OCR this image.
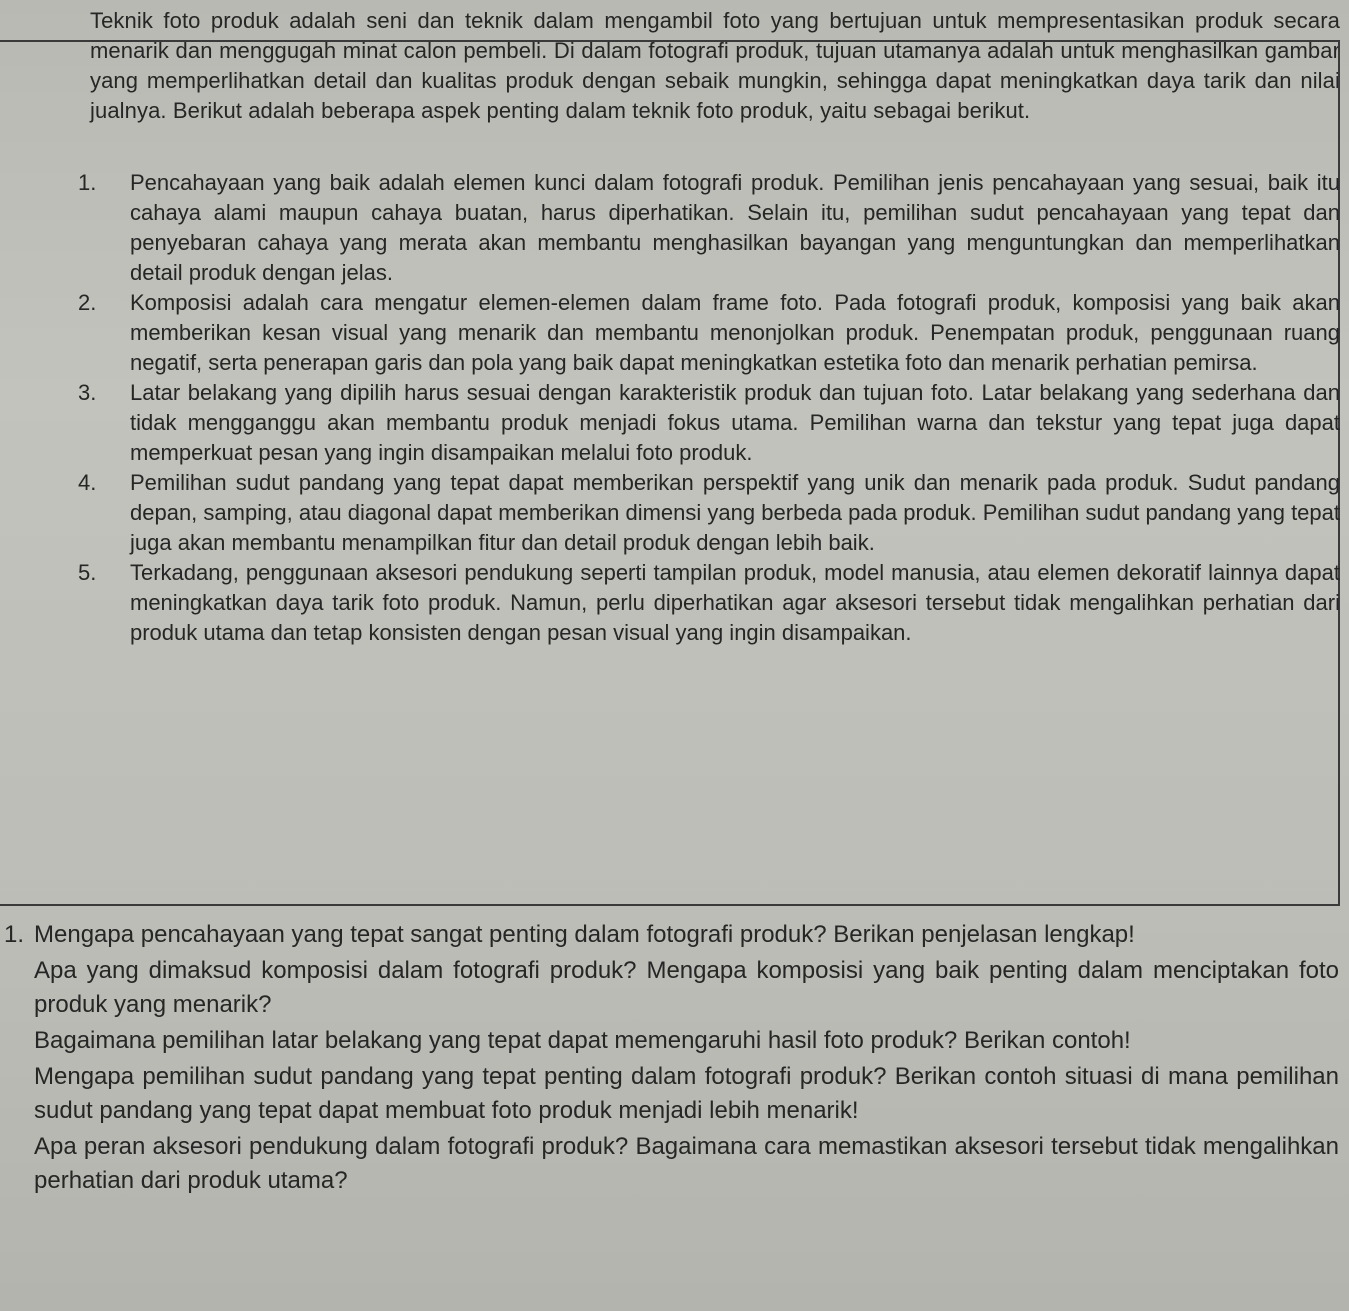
Teknik foto produk adalah seni dan teknik dalam mengambil foto yang bertujuan untuk mempresentasikan produk secara menarik dan menggugah minat calon pembeli. Di dalam fotografi produk, tujuan utamanya adalah untuk menghasilkan gambar yang memperlihatkan detail dan kualitas produk dengan sebaik mungkin, sehingga dapat meningkatkan daya tarik dan nilai jualnya. Berikut adalah beberapa aspek penting dalam teknik foto produk, yaitu sebagai berikut.

1. Pencahayaan yang baik adalah elemen kunci dalam fotografi produk. Pemilihan jenis pencahayaan yang sesuai, baik itu cahaya alami maupun cahaya buatan, harus diperhatikan. Selain itu, pemilihan sudut pencahayaan yang tepat dan penyebaran cahaya yang merata akan membantu menghasilkan bayangan yang menguntungkan dan memperlihatkan detail produk dengan jelas.
2. Komposisi adalah cara mengatur elemen-elemen dalam frame foto. Pada fotografi produk, komposisi yang baik akan memberikan kesan visual yang menarik dan membantu menonjolkan produk. Penempatan produk, penggunaan ruang negatif, serta penerapan garis dan pola yang baik dapat meningkatkan estetika foto dan menarik perhatian pemirsa.
3. Latar belakang yang dipilih harus sesuai dengan karakteristik produk dan tujuan foto. Latar belakang yang sederhana dan tidak mengganggu akan membantu produk menjadi fokus utama. Pemilihan warna dan tekstur yang tepat juga dapat memperkuat pesan yang ingin disampaikan melalui foto produk.
4. Pemilihan sudut pandang yang tepat dapat memberikan perspektif yang unik dan menarik pada produk. Sudut pandang depan, samping, atau diagonal dapat memberikan dimensi yang berbeda pada produk. Pemilihan sudut pandang yang tepat juga akan membantu menampilkan fitur dan detail produk dengan lebih baik.
5. Terkadang, penggunaan aksesori pendukung seperti tampilan produk, model manusia, atau elemen dekoratif lainnya dapat meningkatkan daya tarik foto produk. Namun, perlu diperhatikan agar aksesori tersebut tidak mengalihkan perhatian dari produk utama dan tetap konsisten dengan pesan visual yang ingin disampaikan.
1. Mengapa pencahayaan yang tepat sangat penting dalam fotografi produk? Berikan penjelasan lengkap!
Apa yang dimaksud komposisi dalam fotografi produk? Mengapa komposisi yang baik penting dalam menciptakan foto produk yang menarik?
Bagaimana pemilihan latar belakang yang tepat dapat memengaruhi hasil foto produk? Berikan contoh!
Mengapa pemilihan sudut pandang yang tepat penting dalam fotografi produk? Berikan contoh situasi di mana pemilihan sudut pandang yang tepat dapat membuat foto produk menjadi lebih menarik!
Apa peran aksesori pendukung dalam fotografi produk? Bagaimana cara memastikan aksesori tersebut tidak mengalihkan perhatian dari produk utama?
